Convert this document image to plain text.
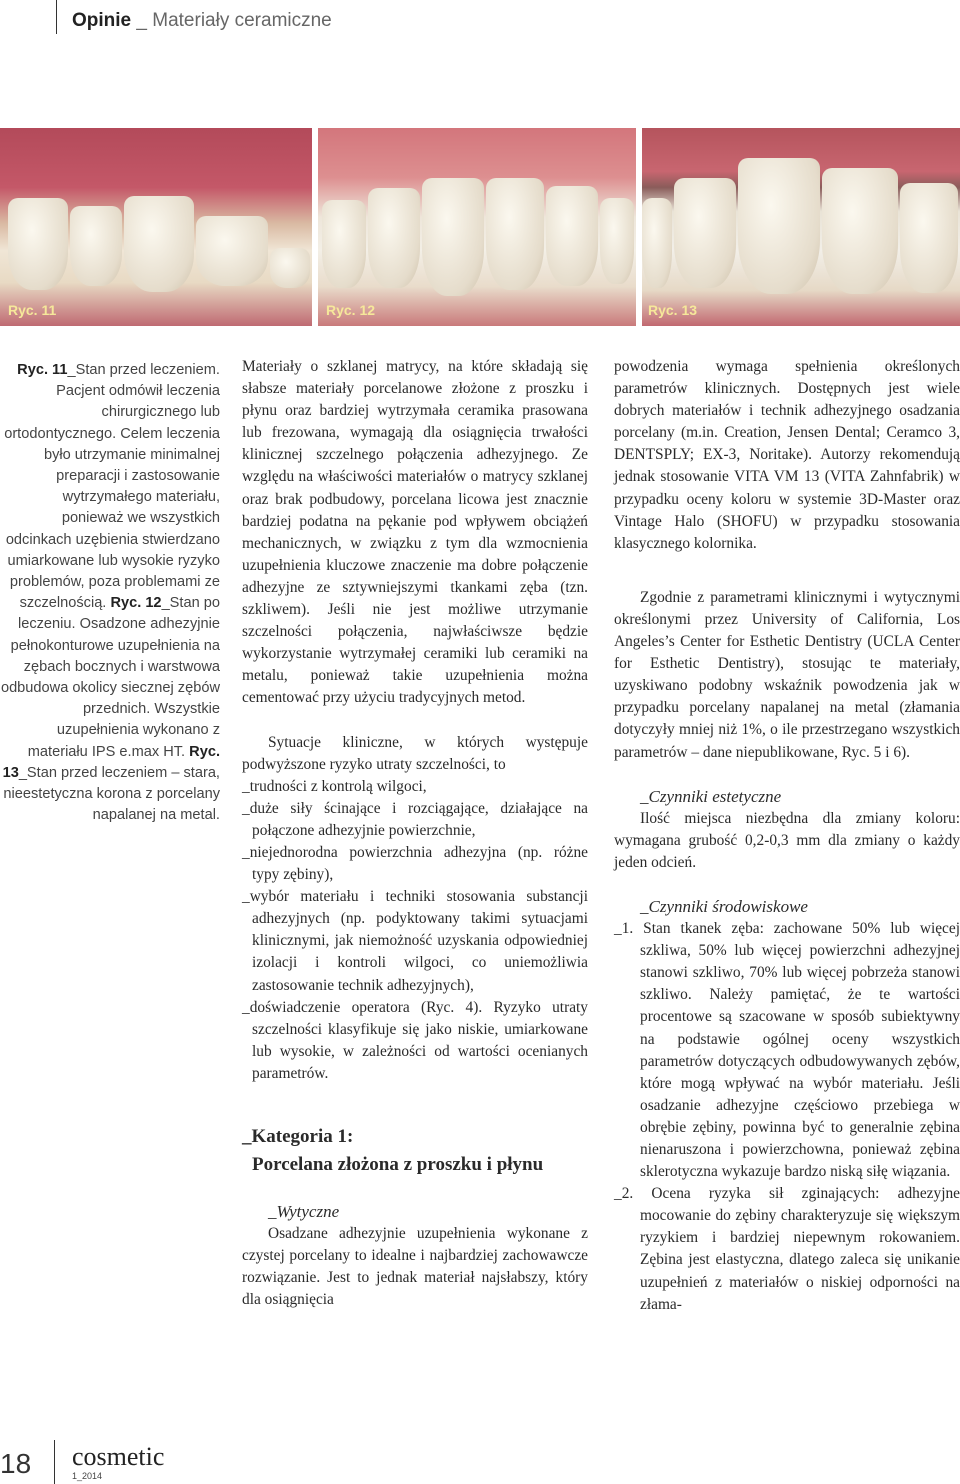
Opinie _ Materiały ceramiczne
Ryc. 11	Ryc. 12	Ryc. 13

Ryc. 11_Stan przed leczeniem. Pacjent odmówił leczenia chirurgicznego lub ortodontycznego. Celem leczenia było utrzymanie minimalnej preparacji i zastosowanie wytrzymałego materiału, ponieważ we wszystkich odcinkach uzębienia stwierdzano umiarkowane lub wysokie ryzyko problemów, poza problemami ze szczelnością. Ryc. 12_Stan po leczeniu. Osadzone adhezyjnie pełnokonturowe uzupełnienia na zębach bocznych i warstwowa odbudowa okolicy siecznej zębów przednich. Wszystkie uzupełnienia wykonano z materiału IPS e.max HT. Ryc. 13_Stan przed leczeniem – stara, nieestetyczna korona z porcelany napalanej na metal.

Materiały o szklanej matrycy, na które składają się słabsze materiały porcelanowe złożone z proszku i płynu oraz bardziej wytrzymała ceramika prasowana lub frezowana, wymagają dla osiągnięcia trwałości klinicznej szczelnego połączenia adhezyjnego. Ze względu na właściwości materiałów o matrycy szklanej oraz brak podbudowy, porcelana licowa jest znacznie bardziej podatna na pękanie pod wpływem obciążeń mechanicznych, w związku z tym dla wzmocnienia uzupełnienia kluczowe znaczenie ma dobre połączenie adhezyjne ze sztywniejszymi tkankami zęba (tzn. szkliwem). Jeśli nie jest możliwe utrzymanie szczelności połączenia, najwłaściwsze będzie wykorzystanie wytrzymałej ceramiki lub ceramiki na metalu, ponieważ takie uzupełnienia można cementować przy użyciu tradycyjnych metod.

Sytuacje kliniczne, w których występuje podwyższone ryzyko utraty szczelności, to

_trudności z kontrolą wilgoci,

_duże siły ścinające i rozciągające, działające na połączone adhezyjnie powierzchnie,

_niejednorodna powierzchnia adhezyjna (np. różne typy zębiny),

_wybór materiału i techniki stosowania substancji adhezyjnych (np. podyktowany takimi sytuacjami klinicznymi, jak niemożność uzyskania odpowiedniej izolacji i kontroli wilgoci, co uniemożliwia zastosowanie technik adhezyjnych),

_doświadczenie operatora (Ryc. 4). Ryzyko utraty szczelności klasyfikuje się jako niskie, umiarkowane lub wysokie, w zależności od wartości ocenianych parametrów.

_Kategoria 1:

Porcelana złożona z proszku i płynu

_Wytyczne

Osadzane adhezyjnie uzupełnienia wykonane z czystej porcelany to idealne i najbardziej zachowawcze rozwiązanie. Jest to jednak materiał najsłabszy, który dla osiągnięcia

powodzenia wymaga spełnienia określonych parametrów klinicznych. Dostępnych jest wiele dobrych materiałów i technik adhezyjnego osadzania porcelany (m.in. Creation, Jensen Dental; Ceramco 3, DENTSPLY; EX-3, Noritake). Autorzy rekomendują jednak stosowanie VITA VM 13 (VITA Zahnfabrik) w przypadku oceny koloru w systemie 3D-Master oraz Vintage Halo (SHOFU) w przypadku stosowania klasycznego kolornika.

Zgodnie z parametrami klinicznymi i wytycznymi określonymi przez University of California, Los Angeles’s Center for Esthetic Dentistry (UCLA Center for Esthetic Dentistry), stosując te materiały, uzyskiwano podobny wskaźnik powodzenia jak w przypadku porcelany napalanej na metal (złamania dotyczyły mniej niż 1%, o ile przestrzegano wszystkich parametrów – dane niepublikowane, Ryc. 5 i 6).

_Czynniki estetyczne

Ilość miejsca niezbędna dla zmiany koloru: wymagana grubość 0,2-0,3 mm dla zmiany o każdy jeden odcień.

_Czynniki środowiskowe

_1. Stan tkanek zęba: zachowane 50% lub więcej szkliwa, 50% lub więcej powierzchni adhezyjnej stanowi szkliwo, 70% lub więcej pobrzeża stanowi szkliwo. Należy pamiętać, że te wartości procentowe są szacowane w sposób subiektywny na podstawie ogólnej oceny wszystkich parametrów dotyczących odbudowywanych zębów, które mogą wpływać na wybór materiału. Jeśli osadzanie adhezyjne częściowo przebiega w obrębie zębiny, powinna być to generalnie zębina nienaruszona i powierzchowna, ponieważ zębina sklerotyczna wykazuje bardzo niską siłę wiązania.

_2. Ocena ryzyka sił zginających: adhezyjne mocowanie do zębiny charakteryzuje się większym ryzykiem i bardziej niepewnym rokowaniem. Zębina jest elastyczna, dlatego zaleca się unikanie uzupełnień z materiałów o niskiej odporności na złama-

18 cosmetic
1_2014
